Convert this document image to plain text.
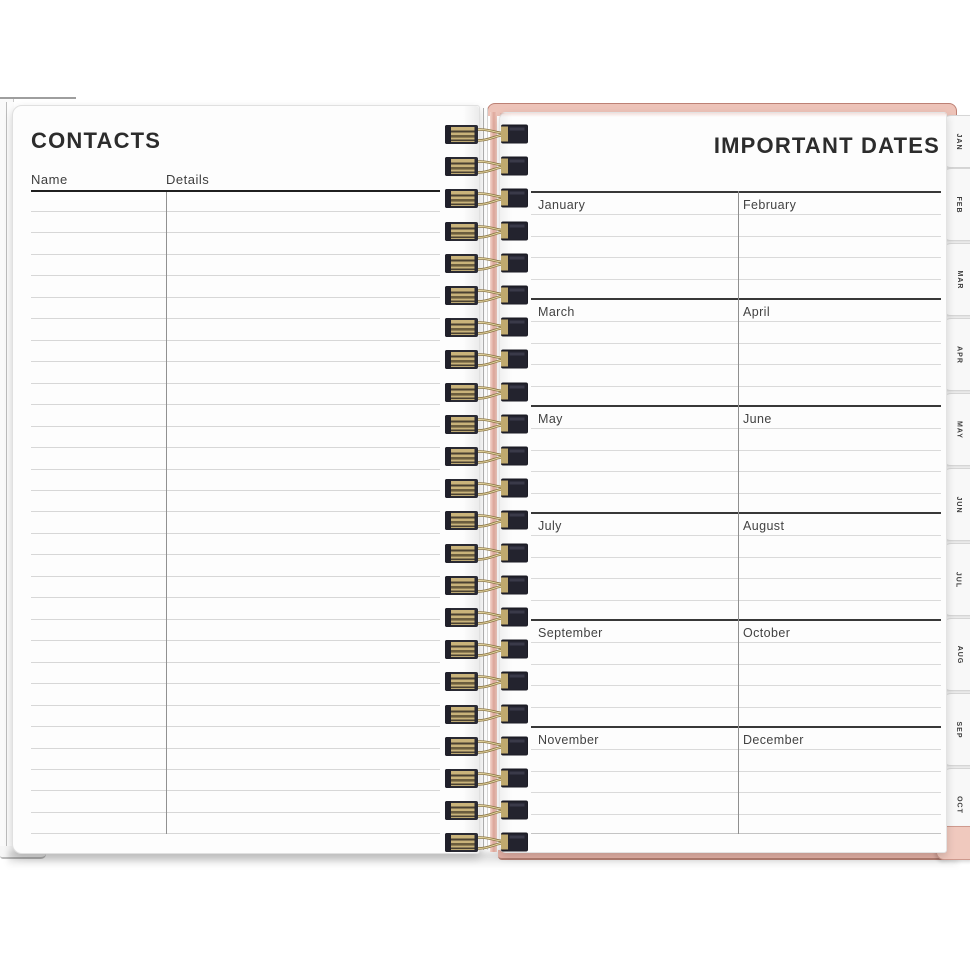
JAN
FEB
MAR
APR
MAY
JUN
JUL
AUG
SEP
OCT
CONTACTS
Name	Details
IMPORTANT DATES
January	February
March	April
May	June
July	August
September	October
November	December
